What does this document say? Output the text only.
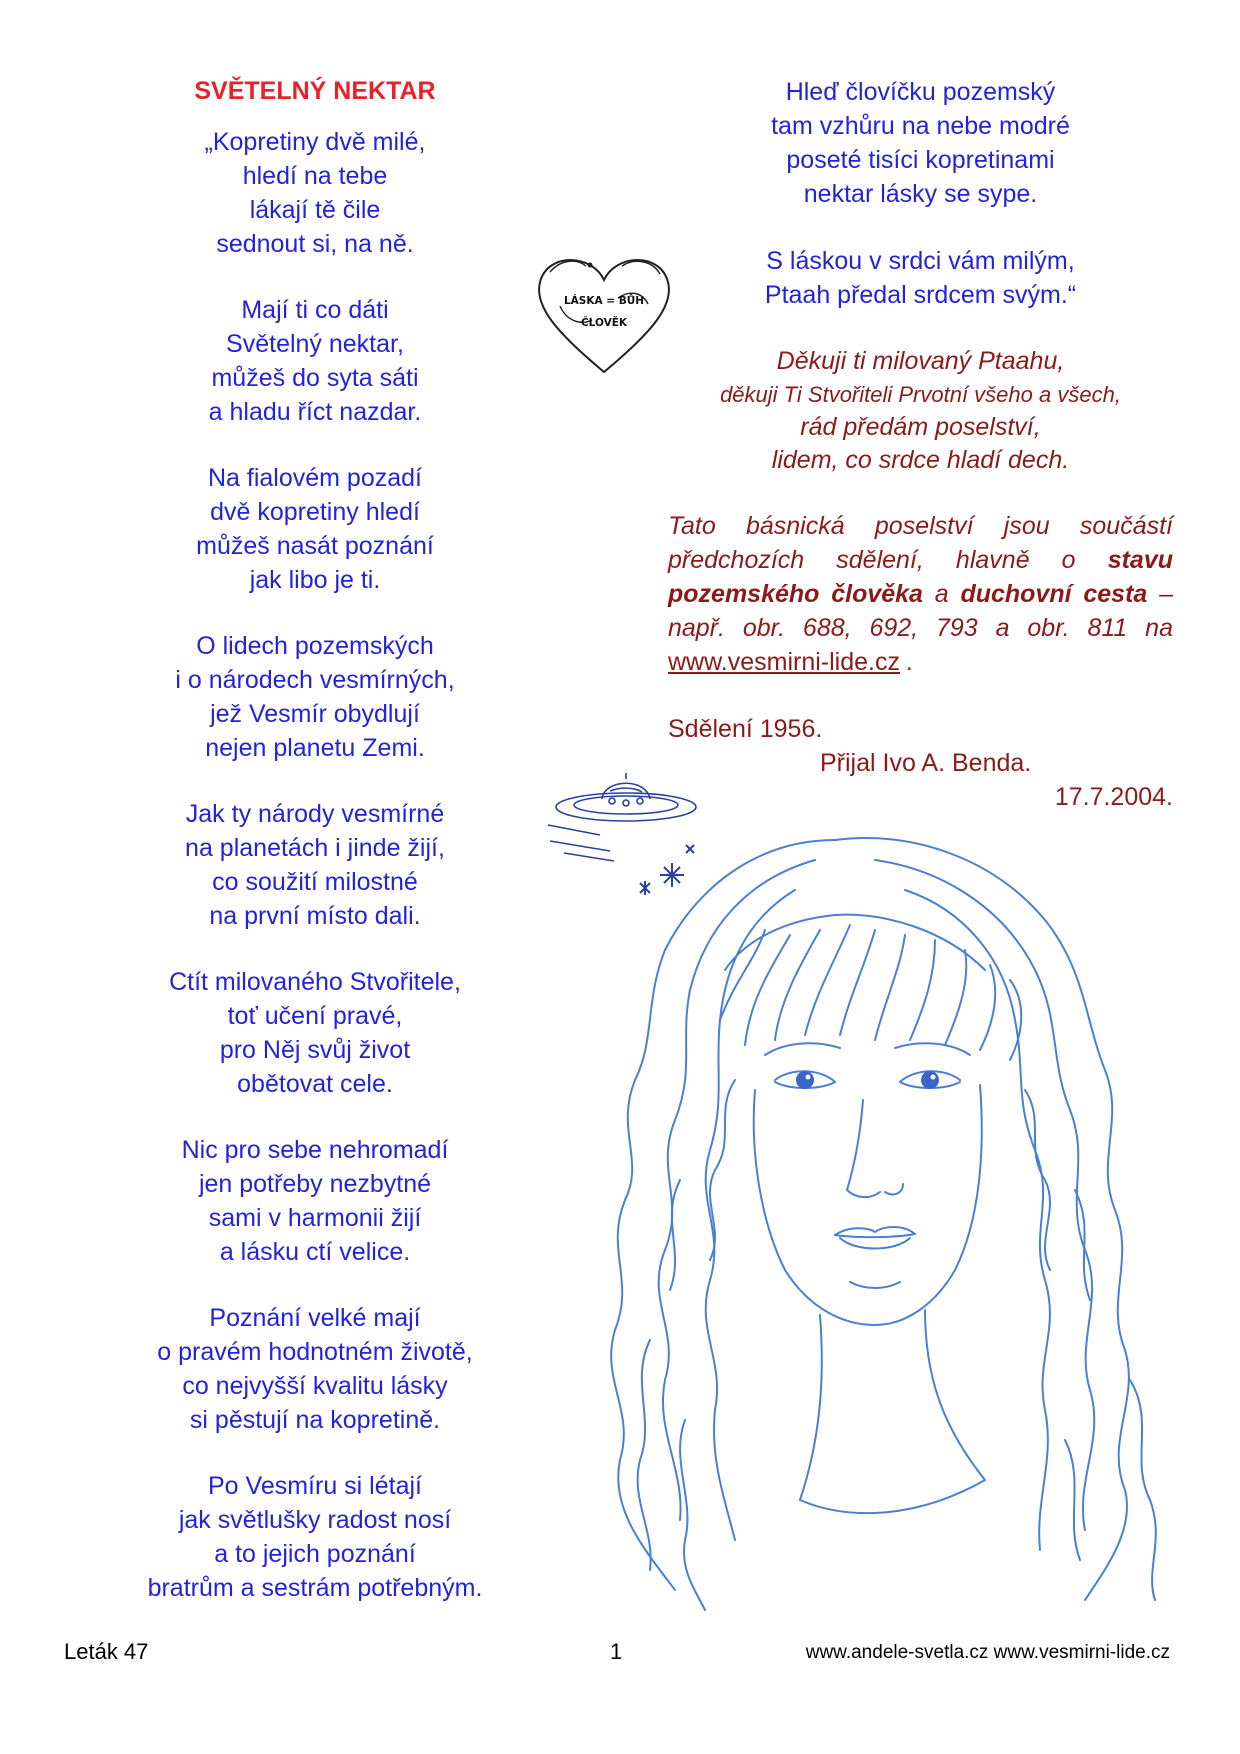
SVĚTELNÝ NEKTAR
„Kopretiny dvě milé,
hledí na tebe
lákají tě čile
sednout si, na ně.
Mají ti co dáti
Světelný nektar,
můžeš do syta sáti
a hladu říct nazdar.
Na fialovém pozadí
dvě kopretiny hledí
můžeš nasát poznání
jak libo je ti.
O lidech pozemských
i o národech vesmírných,
jež Vesmír obydlují
nejen planetu Zemi.
Jak ty národy vesmírné
na planetách i jinde žijí,
co soužití milostné
na první místo dali.
Ctít milovaného Stvořitele,
toť učení pravé,
pro Něj svůj život
obětovat cele.
Nic pro sebe nehromadí
jen potřeby nezbytné
sami v harmonii žijí
a lásku ctí velice.
Poznání velké mají
o pravém hodnotném životě,
co nejvyšší kvalitu lásky
si pěstují na kopretině.
Po Vesmíru si létají
jak světlušky radost nosí
a to jejich poznání
bratrům a sestrám potřebným.
LÁSKA = BŮH
ČLOVĚK
Hleď človíčku pozemský
tam vzhůru na nebe modré
poseté tisíci kopretinami
nektar lásky se sype.
S láskou v srdci vám milým,
Ptaah předal srdcem svým.“
Děkuji ti milovaný Ptaahu,
děkuji Ti Stvořiteli Prvotní všeho a všech,
rád předám poselství,
lidem, co srdce hladí dech.
Tato básnická poselství jsou součástí předchozích sdělení, hlavně o stavu pozemského člověka a duchovní cesta – např. obr. 688, 692, 793 a obr. 811 na www.vesmirni-lide.cz .
Sdělení 1956.
Přijal Ivo A. Benda.
17.7.2004.
Leták 47	1	www.andele-svetla.cz www.vesmirni-lide.cz
